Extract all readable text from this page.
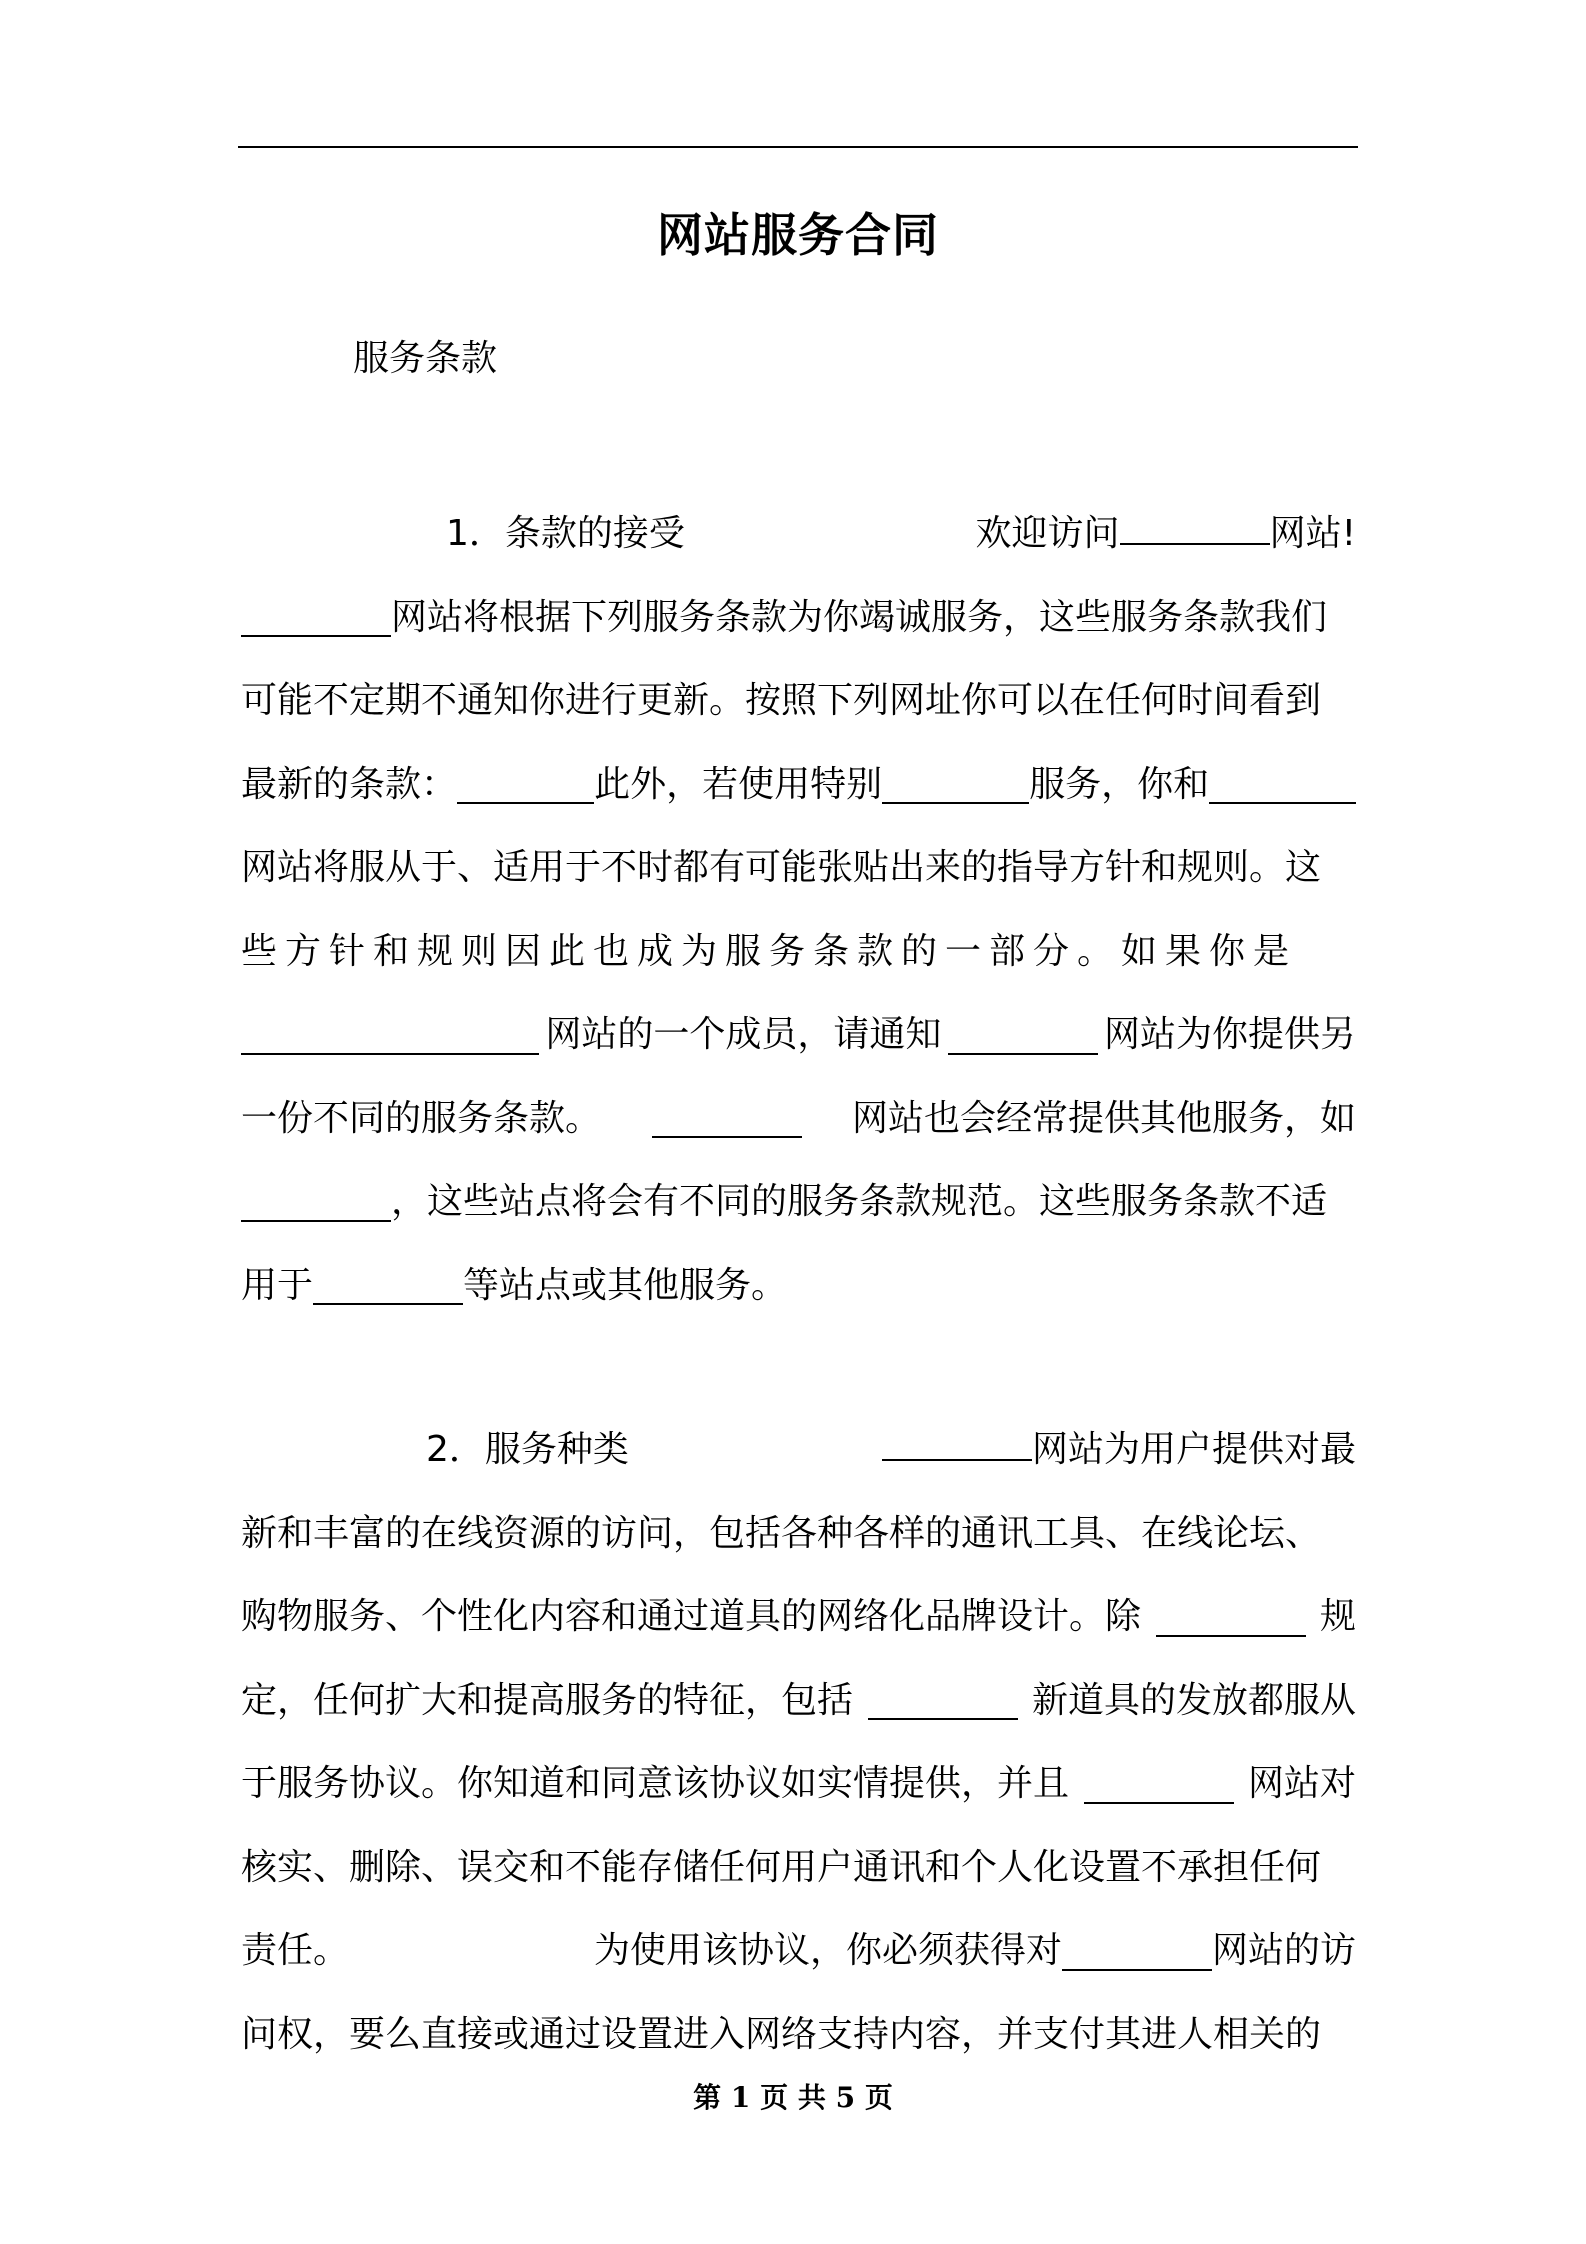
网站服务合同
服务条款
1．条款的接受	欢迎访问	网站!
网站将根据下列服务条款为你竭诚服务，这些服务条款我们
可能不定期不通知你进行更新。按照下列网址你可以在任何时间看到
最新的条款：	此外，若使用特别	服务，你和
网站将服从于、适用于不时都有可能张贴出来的指导方针和规则。这
些方针和规则因此也成为服务条款的一部分。如果你是
网站的一个成员，请通知	网站为你提供另
一份不同的服务条款。	网站也会经常提供其他服务，如
，这些站点将会有不同的服务条款规范。这些服务条款不适
用于	等站点或其他服务。
2．服务种类	网站为用户提供对最
新和丰富的在线资源的访问，包括各种各样的通讯工具、在线论坛、
购物服务、个性化内容和通过道具的网络化品牌设计。除	规
定，任何扩大和提高服务的特征，包括	新道具的发放都服从
于服务协议。你知道和同意该协议如实情提供，并且	网站对
核实、删除、误交和不能存储任何用户通讯和个人化设置不承担任何
责任。	为使用该协议，你必须获得对	网站的访
问权，要么直接或通过设置进入网络支持内容，并支付其进人相关的
第 1 页 共 5 页
